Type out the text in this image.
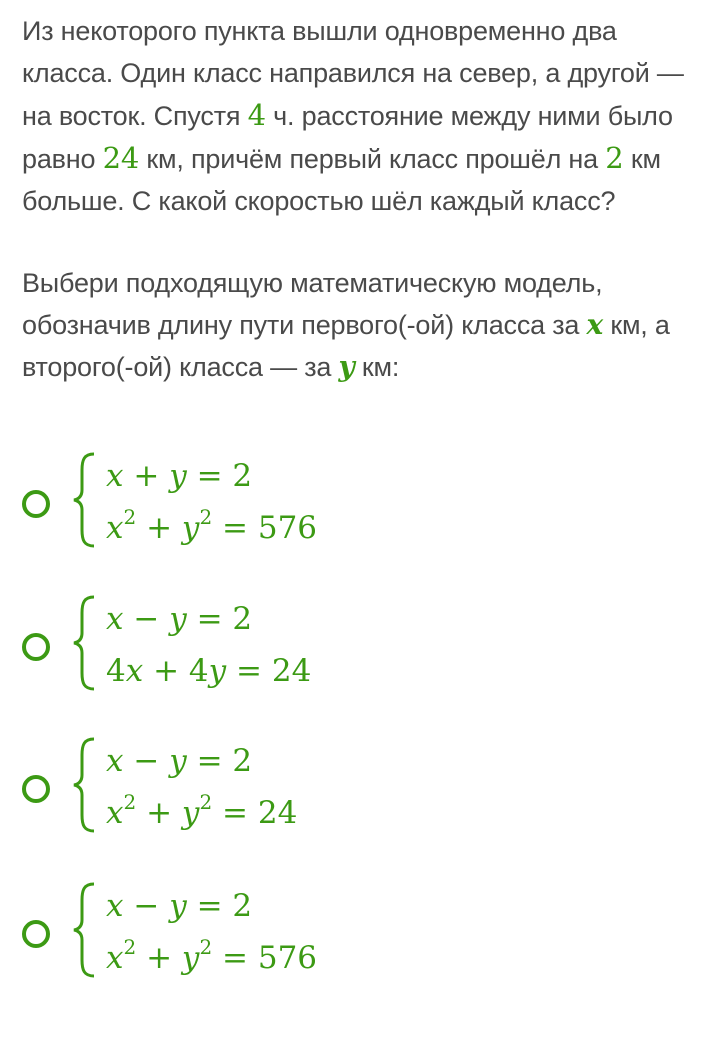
Из некоторого пункта вышли одновременно два класса. Один класс направился на север, а другой — на восток. Спустя 4 ч. расстояние между ними было равно 24 км, причём первый класс прошёл на 2 км больше. С какой скоростью шёл каждый класс?
Выбери подходящую математическую модель, обозначив длину пути первого(-ой) класса за x км, а второго(-ой) класса — за y км:
x + y = 2
$x^2 + y^2 = 576$
x − y = 2
4x + 4y = 24
x − y = 2
$x^2 + y^2 = 24$
x − y = 2
$x^2 + y^2 = 576$
